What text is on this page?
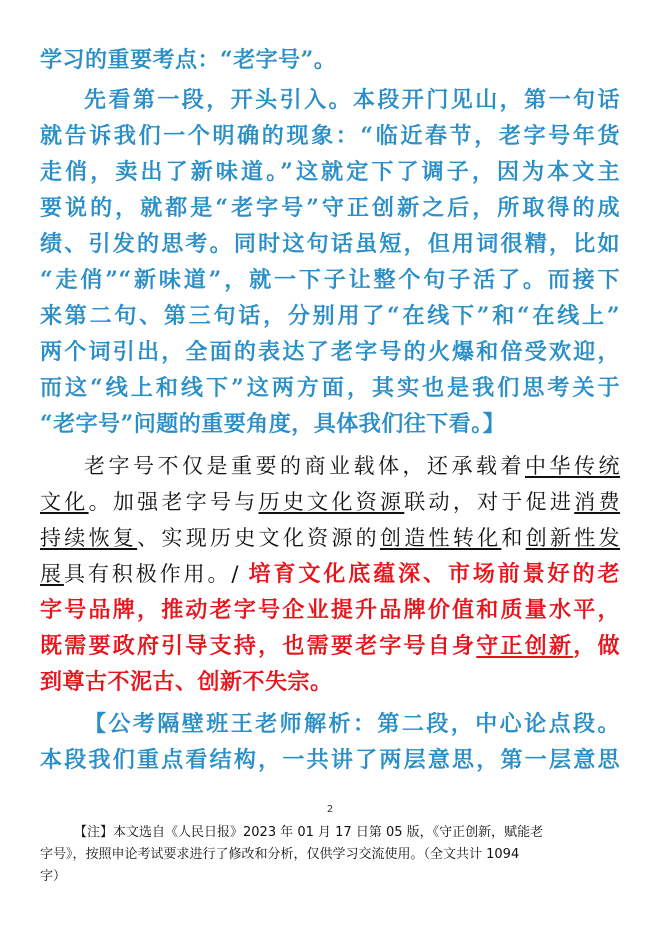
学习的重要考点：“老字号”。
先看第一段，开头引入。本段开门见山，第一句话
就告诉我们一个明确的现象：“临近春节，老字号年货
走俏，卖出了新味道。”这就定下了调子，因为本文主
要说的，就都是“老字号”守正创新之后，所取得的成
绩、引发的思考。同时这句话虽短，但用词很精，比如
“走俏”“新味道”，就一下子让整个句子活了。而接下
来第二句、第三句话，分别用了“在线下”和“在线上”
两个词引出，全面的表达了老字号的火爆和倍受欢迎，
而这“线上和线下”这两方面，其实也是我们思考关于
“老字号”问题的重要角度，具体我们往下看。】
老字号不仅是重要的商业载体，还承载着中华传统
文化。加强老字号与历史文化资源联动，对于促进消费
持续恢复、实现历史文化资源的创造性转化和创新性发
展具有积极作用。/ 培育文化底蕴深、市场前景好的老
字号品牌，推动老字号企业提升品牌价值和质量水平，
既需要政府引导支持，也需要老字号自身守正创新，做
到尊古不泥古、创新不失宗。
【公考隔壁班王老师解析：第二段，中心论点段。
本段我们重点看结构，一共讲了两层意思，第一层意思
2
【注】本文选自《人民日报》2023 年 01 月 17 日第 05 版，《守正创新，赋能老
字号》，按照申论考试要求进行了修改和分析，仅供学习交流使用。（全文共计 1094
字）
